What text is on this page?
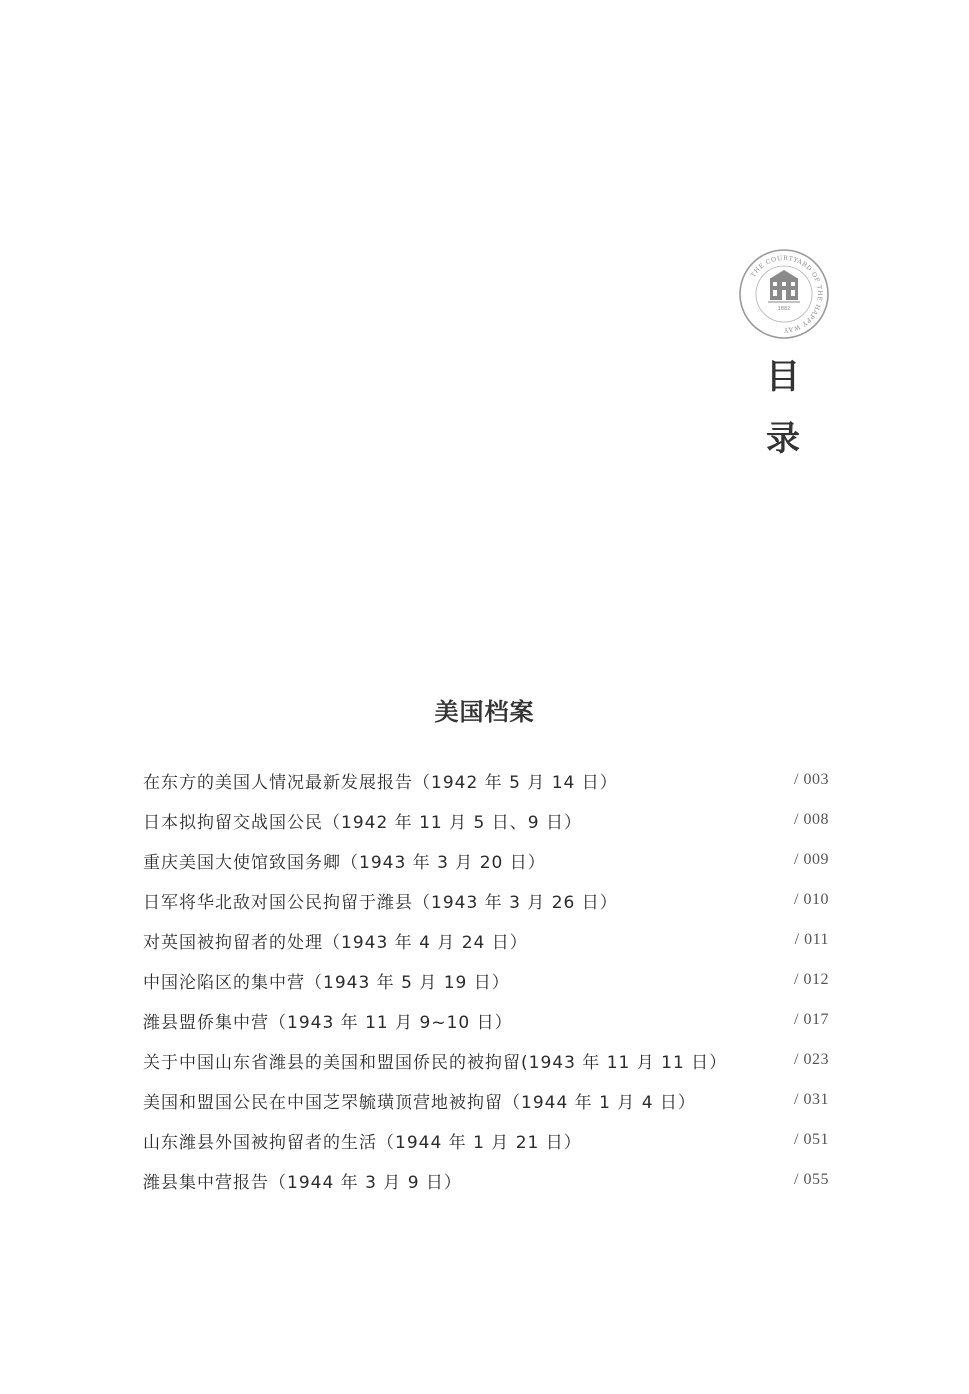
THE COURTYARD OF THE HAPPY WAY
1882
目
录
美国档案
在东方的美国人情况最新发展报告（1942 年 5 月 14 日）	/ 003
日本拟拘留交战国公民（1942 年 11 月 5 日、9 日）	/ 008
重庆美国大使馆致国务卿（1943 年 3 月 20 日）	/ 009
日军将华北敌对国公民拘留于潍县（1943 年 3 月 26 日）	/ 010
对英国被拘留者的处理（1943 年 4 月 24 日）	/ 011
中国沦陷区的集中营（1943 年 5 月 19 日）	/ 012
潍县盟侨集中营（1943 年 11 月 9~10 日）	/ 017
关于中国山东省潍县的美国和盟国侨民的被拘留(1943 年 11 月 11 日）	/ 023
美国和盟国公民在中国芝罘毓璜顶营地被拘留（1944 年 1 月 4 日）	/ 031
山东潍县外国被拘留者的生活（1944 年 1 月 21 日）	/ 051
潍县集中营报告（1944 年 3 月 9 日）	/ 055
